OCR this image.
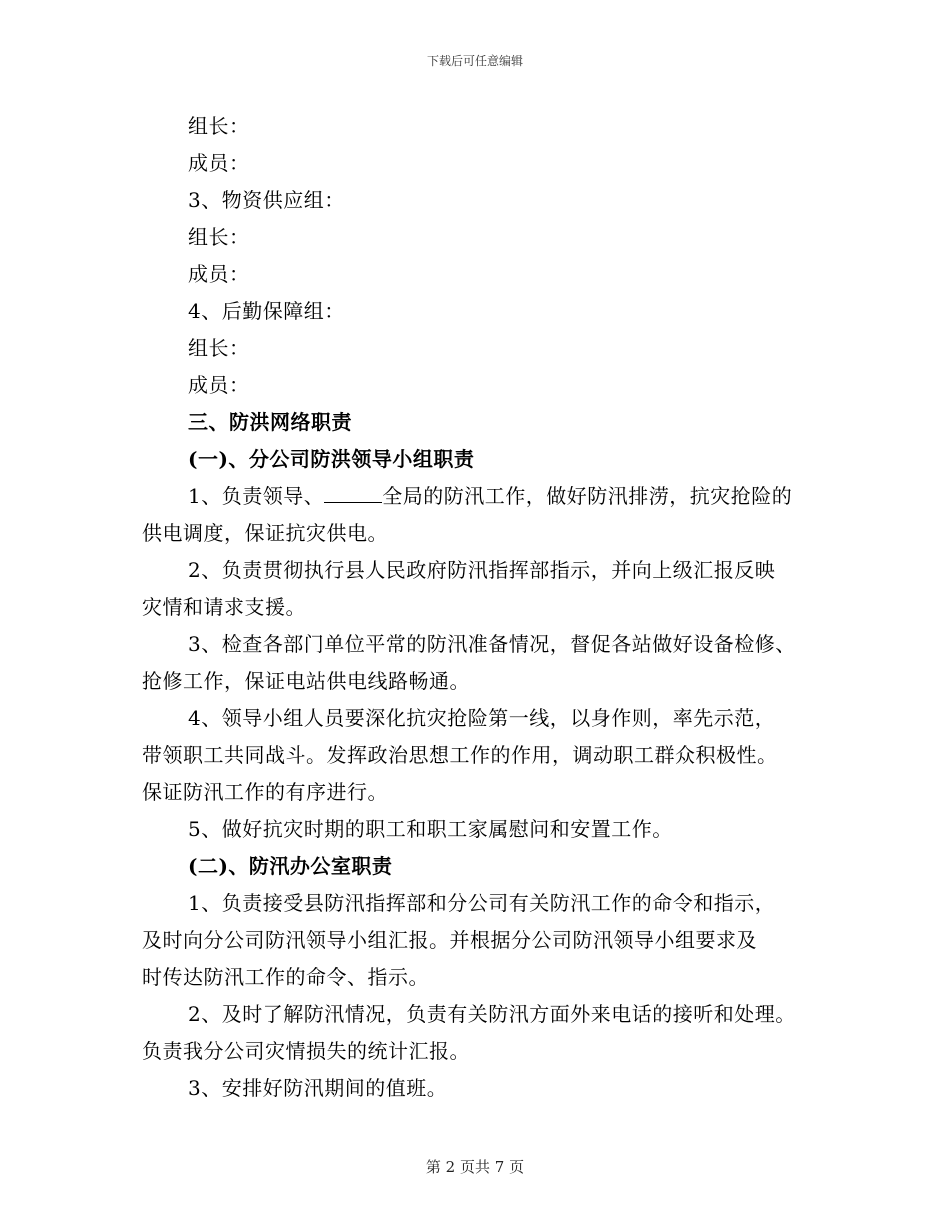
下载后可任意编辑
组长：
成员：
3、物资供应组：
组长：
成员：
4、后勤保障组：
组长：
成员：
三、防洪网络职责
(一)、分公司防洪领导小组职责
1、负责领导、	全局的防汛工作，做好防汛排涝，抗灾抢险的
供电调度，保证抗灾供电。
2、负责贯彻执行县人民政府防汛指挥部指示，并向上级汇报反映
灾情和请求支援。
3、检查各部门单位平常的防汛准备情况，督促各站做好设备检修、
抢修工作，保证电站供电线路畅通。
4、领导小组人员要深化抗灾抢险第一线，以身作则，率先示范，
带领职工共同战斗。发挥政治思想工作的作用，调动职工群众积极性。
保证防汛工作的有序进行。
5、做好抗灾时期的职工和职工家属慰问和安置工作。
(二)、防汛办公室职责
1、负责接受县防汛指挥部和分公司有关防汛工作的命令和指示，
及时向分公司防汛领导小组汇报。并根据分公司防汛领导小组要求及
时传达防汛工作的命令、指示。
2、及时了解防汛情况，负责有关防汛方面外来电话的接听和处理。
负责我分公司灾情损失的统计汇报。
3、安排好防汛期间的值班。
第 2 页共 7 页
